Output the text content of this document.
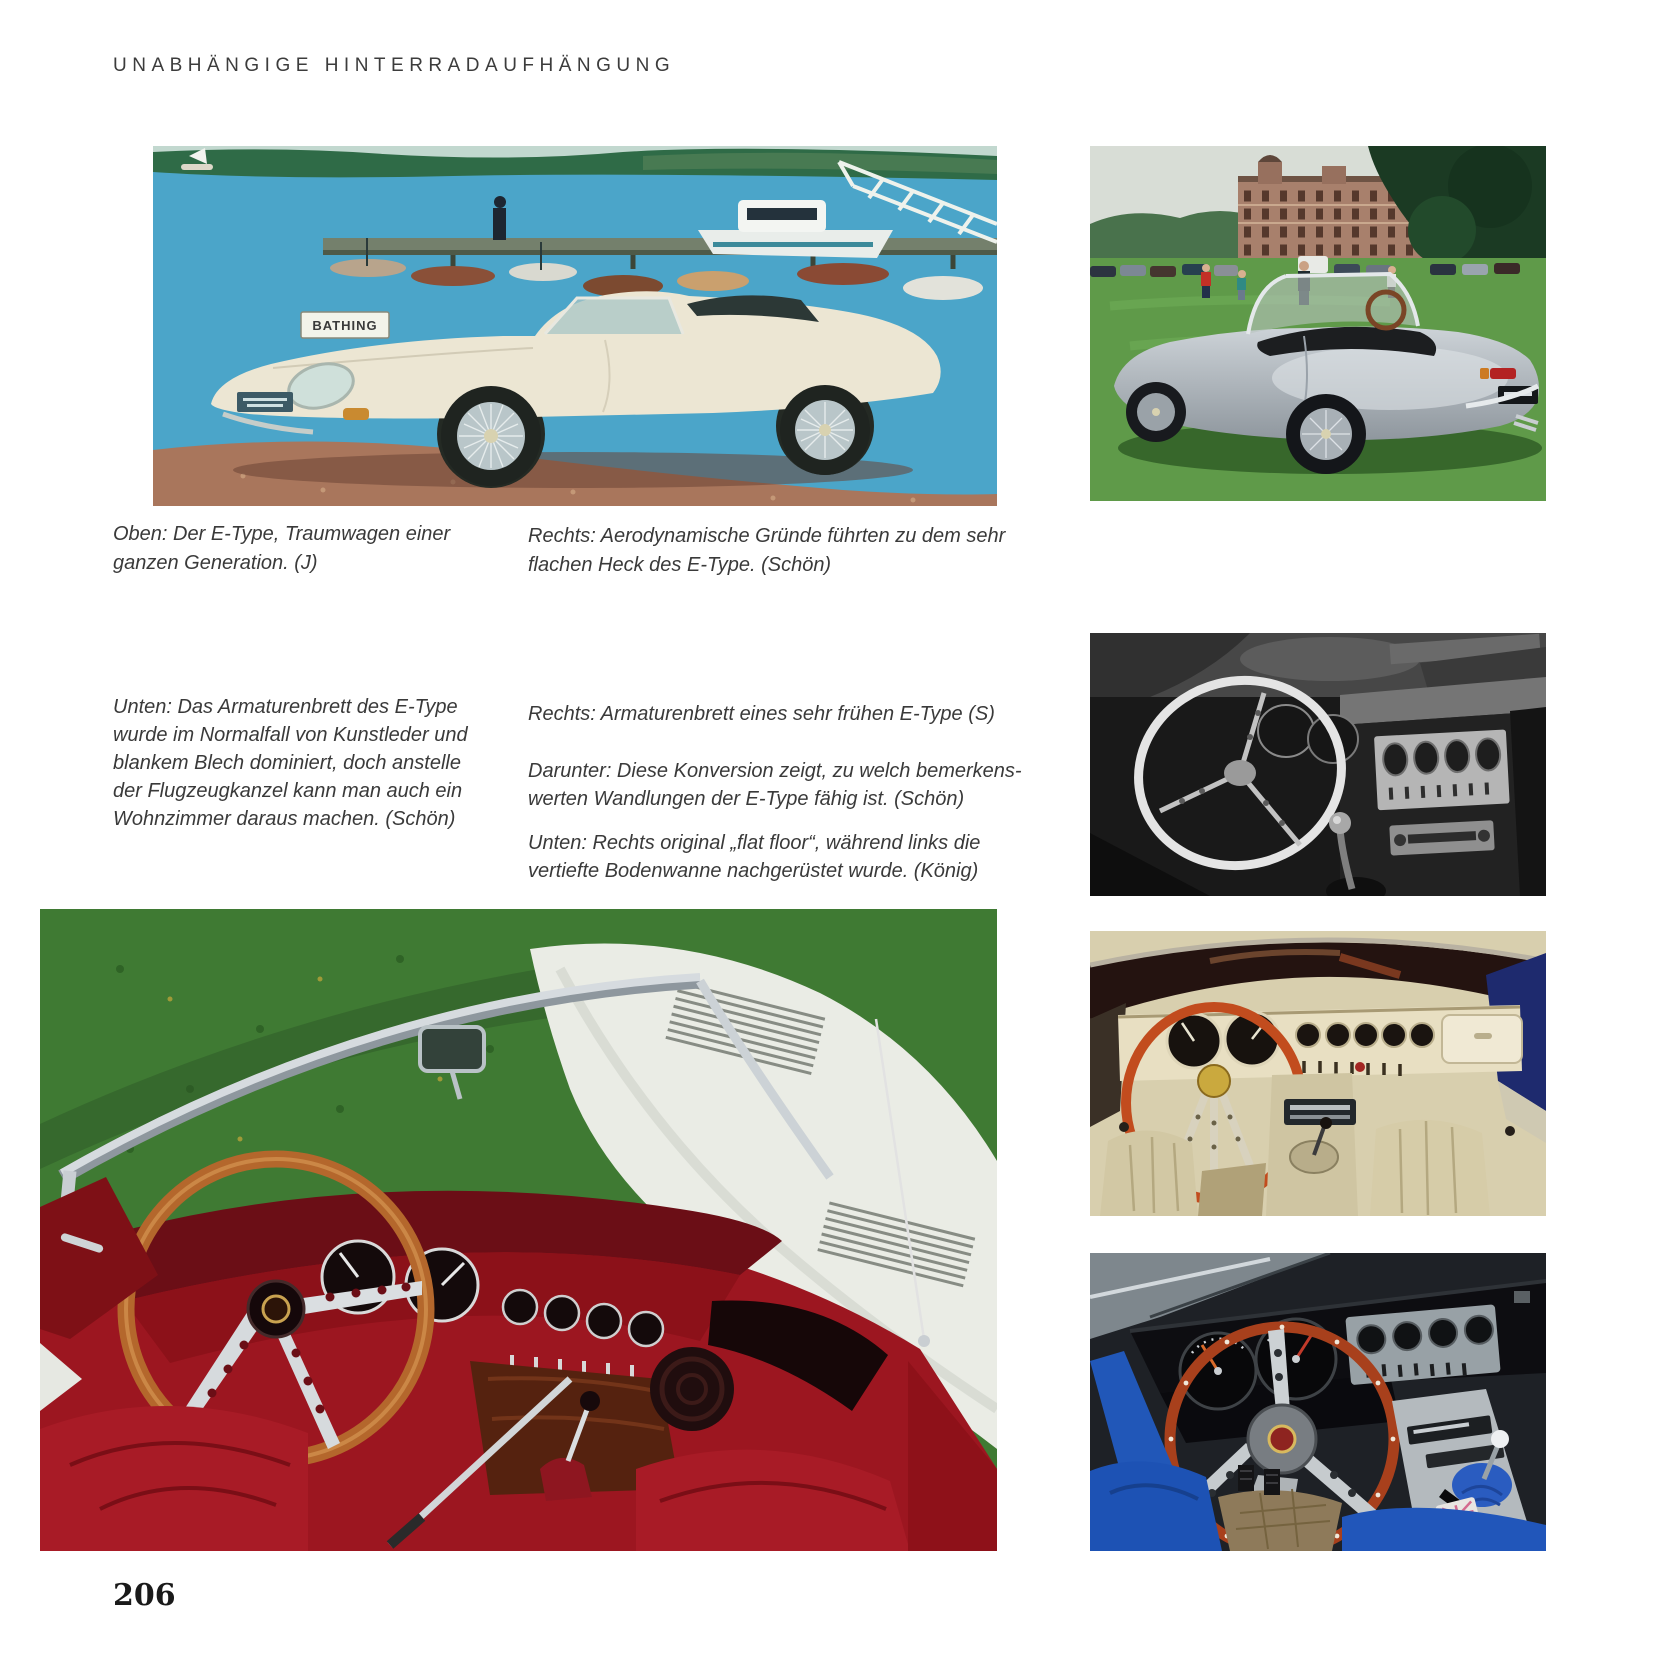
UNABHÄNGIGE HINTERRADAUFHÄNGUNG
BATHING
Oben: Der E-Type, Traumwagen einer
ganzen Generation. (J)
Rechts: Aerodynamische Gründe führten zu dem sehr
flachen Heck des E-Type. (Schön)
Unten: Das Armaturenbrett des E-Type
wurde im Normalfall von Kunstleder und
blankem Blech dominiert, doch anstelle
der Flugzeugkanzel kann man auch ein
Wohnzimmer daraus machen. (Schön)
Rechts: Armaturenbrett eines sehr frühen E-Type (S)
Darunter: Diese Konversion zeigt, zu welch bemerkens-
werten Wandlungen der E-Type fähig ist. (Schön)
Unten: Rechts original „flat floor“, während links die
vertiefte Bodenwanne nachgerüstet wurde. (König)
206
